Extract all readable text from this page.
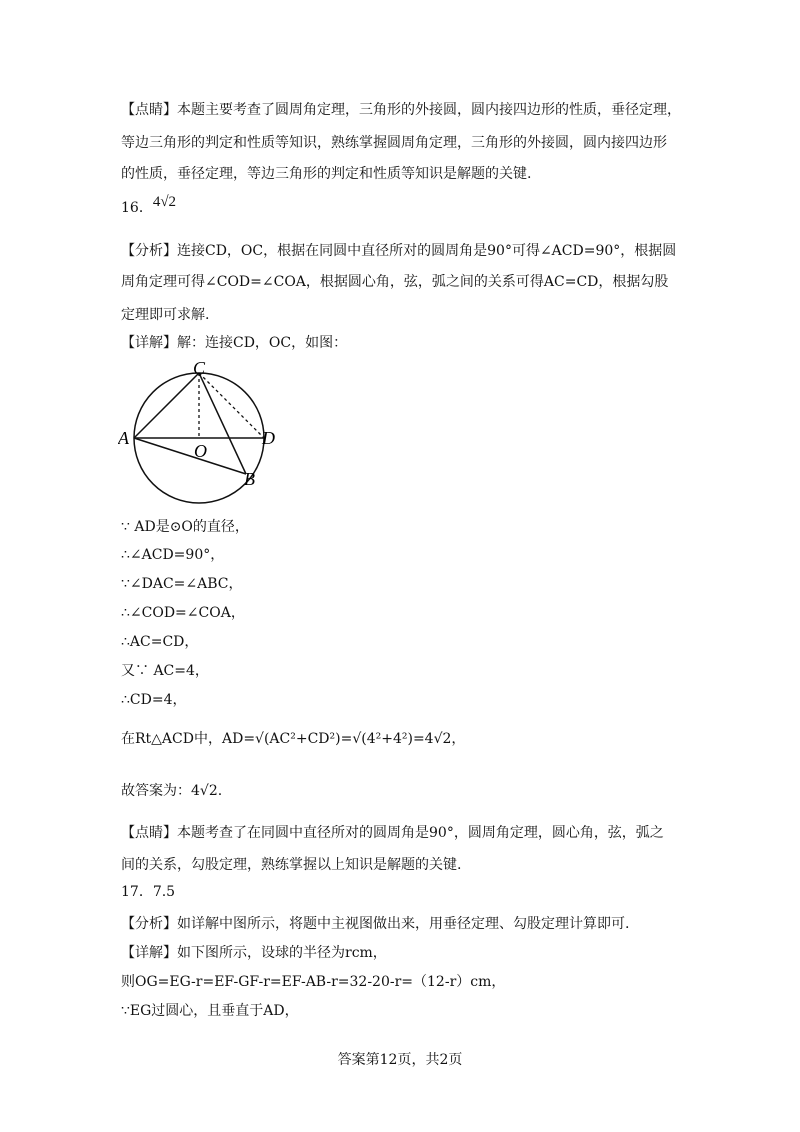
【点睛】本题主要考查了圆周角定理，三角形的外接圆，圆内接四边形的性质，垂径定理，
等边三角形的判定和性质等知识，熟练掌握圆周角定理，三角形的外接圆，圆内接四边形
的性质，垂径定理，等边三角形的判定和性质等知识是解题的关键.
16．4√2
【分析】连接CD，OC，根据在同圆中直径所对的圆周角是90°可得∠ACD=90°，根据圆
周角定理可得∠COD=∠COA，根据圆心角，弦，弧之间的关系可得AC=CD，根据勾股
定理即可求解.
【详解】解：连接CD，OC，如图：
C
A
O
D
B
∵ AD是⊙O的直径，
∴∠ACD=90°，
∵∠DAC=∠ABC，
∴∠COD=∠COA，
∴AC=CD，
又∵ AC=4，
∴CD=4，
在Rt△ACD中，AD=√(AC²+CD²)=√(4²+4²)=4√2，
故答案为：4√2.
【点睛】本题考查了在同圆中直径所对的圆周角是90°，圆周角定理，圆心角，弦，弧之
间的关系，勾股定理，熟练掌握以上知识是解题的关键.
17．7.5
【分析】如详解中图所示，将题中主视图做出来，用垂径定理、勾股定理计算即可.
【详解】如下图所示，设球的半径为rcm，
则OG=EG-r=EF-GF-r=EF-AB-r=32-20-r=（12-r）cm，
∵EG过圆心，且垂直于AD，
答案第12页，共2页
